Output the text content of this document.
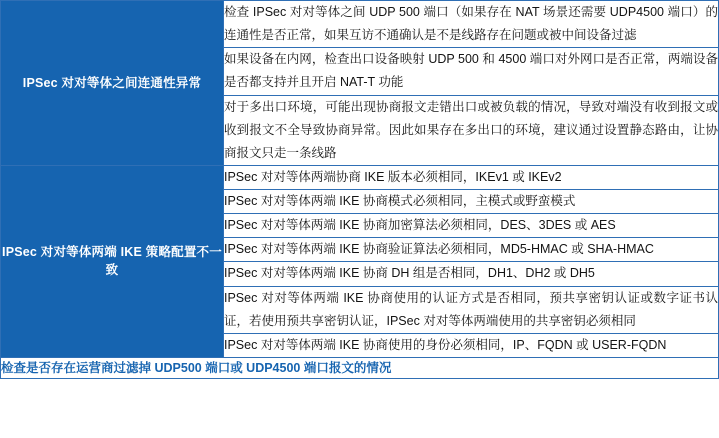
IPSec 对对等体之间连通性异常	检查 IPSec 对对等体之间 UDP 500 端口（如果存在 NAT 场景还需要 UDP4500 端口）的连通性是否正常，如果互访不通确认是不是线路存在问题或被中间设备过滤
	如果设备在内网，检查出口设备映射 UDP 500 和 4500 端口对外网口是否正常，两端设备是否都支持并且开启 NAT-T 功能
	对于多出口环境，可能出现协商报文走错出口或被负载的情况，导致对端没有收到报文或收到报文不全导致协商异常。因此如果存在多出口的环境，建议通过设置静态路由，让协商报文只走一条线路
IPSec 对对等体两端 IKE 策略配置不一致	IPSec 对对等体两端协商 IKE 版本必须相同，IKEv1 或 IKEv2
	IPSec 对对等体两端 IKE 协商模式必须相同，主模式或野蛮模式
	IPSec 对对等体两端 IKE 协商加密算法必须相同，DES、3DES 或 AES
	IPSec 对对等体两端 IKE 协商验证算法必须相同，MD5-HMAC 或 SHA-HMAC
	IPSec 对对等体两端 IKE 协商 DH 组是否相同，DH1、DH2 或 DH5
	IPSec 对对等体两端 IKE 协商使用的认证方式是否相同，预共享密钥认证或数字证书认证，若使用预共享密钥认证，IPSec 对对等体两端使用的共享密钥必须相同
	IPSec 对对等体两端 IKE 协商使用的身份必须相同，IP、FQDN 或 USER-FQDN
检查是否存在运营商过滤掉 UDP500 端口或 UDP4500 端口报文的情况	
